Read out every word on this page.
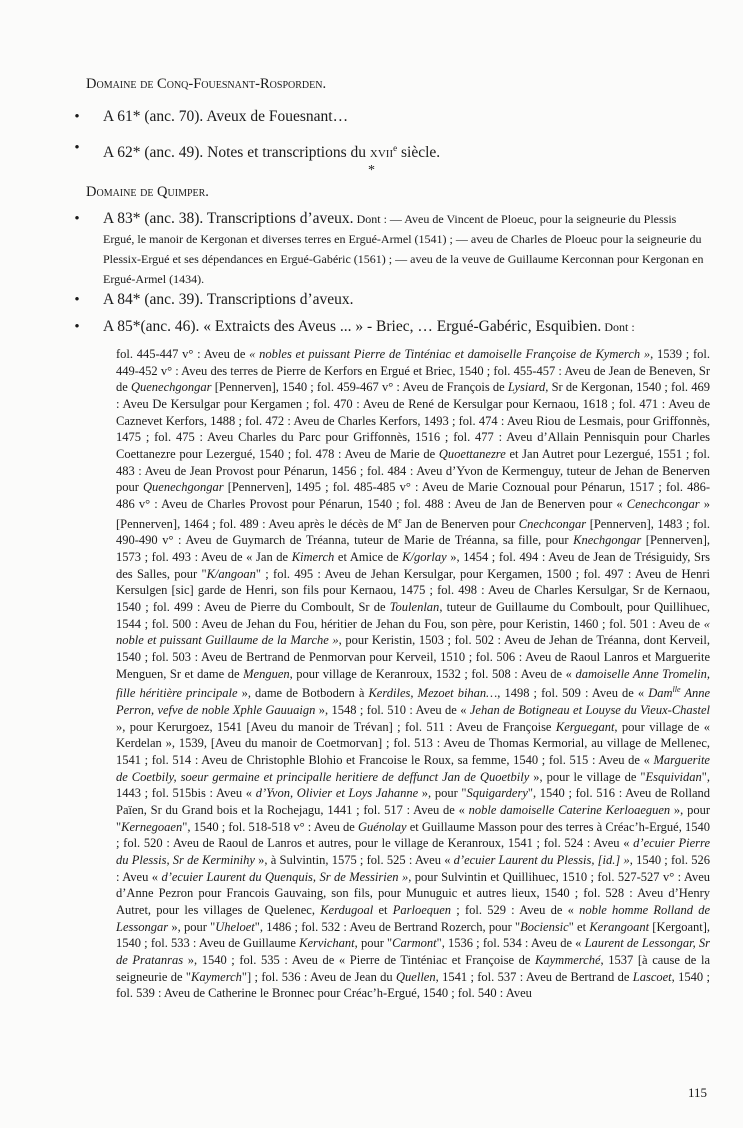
Domaine de Conq-Fouesnant-Rosporden.
• A 61* (anc. 70). Aveux de Fouesnant…
• A 62* (anc. 49). Notes et transcriptions du xvii$^e$ siècle.
*
Domaine de Quimper.
• A 83* (anc. 38). Transcriptions d’aveux. Dont : — Aveu de Vincent de Ploeuc, pour la seigneurie du Plessis Ergué, le manoir de Kergonan et diverses terres en Ergué-Armel (1541) ; — aveu de Charles de Ploeuc pour la seigneurie du Plessix-Ergué et ses dépendances en Ergué-Gabéric (1561) ; — aveu de la veuve de Guillaume Kerconnan pour Kergonan en Ergué-Armel (1434).
• A 84* (anc. 39). Transcriptions d’aveux.
• A 85*(anc. 46). « Extraicts des Aveus ... » - Briec, … Ergué-Gabéric, Esquibien. Dont :
fol. 445-447 v° : Aveu de « nobles et puissant Pierre de Tinténiac et damoiselle Françoise de Kymerch », 1539 ; fol. 449-452 v° : Aveu des terres de Pierre de Kerfors en Ergué et Briec, 1540 ; fol. 455-457 : Aveu de Jean de Beneven, Sr de Quenechgongar [Pennerven], 1540 ; fol. 459-467 v° : Aveu de François de Lysiard, Sr de Kergonan, 1540 ; fol. 469 : Aveu De Kersulgar pour Kergamen ; fol. 470 : Aveu de René de Kersulgar pour Kernaou, 1618 ; fol. 471 : Aveu de Caznevet Kerfors, 1488 ; fol. 472 : Aveu de Charles Kerfors, 1493 ; fol. 474 : Aveu Riou de Lesmais, pour Griffonnès, 1475 ; fol. 475 : Aveu Charles du Parc pour Griffonnès, 1516 ; fol. 477 : Aveu d’Allain Pennisquin pour Charles Coettanezre pour Lezergué, 1540 ; fol. 478 : Aveu de Marie de Quoettanezre et Jan Autret pour Lezergué, 1551 ; fol. 483 : Aveu de Jean Provost pour Pénarun, 1456 ; fol. 484 : Aveu d’Yvon de Kermenguy, tuteur de Jehan de Benerven pour Quenechgongar [Pennerven], 1495 ; fol. 485-485 v° : Aveu de Marie Coznoual pour Pénarun, 1517 ; fol. 486-486 v° : Aveu de Charles Provost pour Pénarun, 1540 ; fol. 488 : Aveu de Jan de Benerven pour « Cenechcongar » [Pennerven], 1464 ; fol. 489 : Aveu après le décès de Me Jan de Benerven pour Cnechcongar [Pennerven], 1483 ; fol. 490-490 v° : Aveu de Guymarch de Tréanna, tuteur de Marie de Tréanna, sa fille, pour Knechgongar [Pennerven], 1573 ; fol. 493 : Aveu de « Jan de Kimerch et Amice de K/gorlay », 1454 ; fol. 494 : Aveu de Jean de Trésiguidy, Srs des Salles, pour "K/angoan" ; fol. 495 : Aveu de Jehan Kersulgar, pour Kergamen, 1500 ; fol. 497 : Aveu de Henri Kersulgen [sic] garde de Henri, son fils pour Kernaou, 1475 ; fol. 498 : Aveu de Charles Kersulgar, Sr de Kernaou, 1540 ; fol. 499 : Aveu de Pierre du Comboult, Sr de Toulenlan, tuteur de Guillaume du Comboult, pour Quillihuec, 1544 ; fol. 500 : Aveu de Jehan du Fou, héritier de Jehan du Fou, son père, pour Keristin, 1460 ; fol. 501 : Aveu de « noble et puissant Guillaume de la Marche », pour Keristin, 1503 ; fol. 502 : Aveu de Jehan de Tréanna, dont Kerveil, 1540 ; fol. 503 : Aveu de Bertrand de Penmorvan pour Kerveil, 1510 ; fol. 506 : Aveu de Raoul Lanros et Marguerite Menguen, Sr et dame de Menguen, pour village de Keranroux, 1532 ; fol. 508 : Aveu de « damoiselle Anne Tromelin, fille héritière principale », dame de Botbodern à Kerdiles, Mezoet bihan…, 1498 ; fol. 509 : Aveu de « Dam$^{lle}$ Anne Perron, vefve de noble Xphle Gauuaign », 1548 ; fol. 510 : Aveu de « Jehan de Botigneau et Louyse du Vieux-Chastel », pour Kerurgoez, 1541 [Aveu du manoir de Trévan] ; fol. 511 : Aveu de Françoise Kerguegant, pour village de « Kerdelan », 1539, [Aveu du manoir de Coetmorvan] ; fol. 513 : Aveu de Thomas Kermorial, au village de Mellenec, 1541 ; fol. 514 : Aveu de Christophle Blohio et Francoise le Roux, sa femme, 1540 ; fol. 515 : Aveu de « Marguerite de Coetbily, soeur germaine et principalle heritiere de deffunct Jan de Quoetbily », pour le village de "Esquividan", 1443 ; fol. 515bis : Aveu « d’Yvon, Olivier et Loys Jahanne », pour "Squigardery", 1540 ; fol. 516 : Aveu de Rolland Païen, Sr du Grand bois et la Rochejagu, 1441 ; fol. 517 : Aveu de « noble damoiselle Caterine Kerloaeguen », pour "Kernegoaen", 1540 ; fol. 518-518 v° : Aveu de Guénolay et Guillaume Masson pour des terres à Créac’h-Ergué, 1540 ; fol. 520 : Aveu de Raoul de Lanros et autres, pour le village de Keranroux, 1541 ; fol. 524 : Aveu « d’ecuier Pierre du Plessis, Sr de Kerminihy », à Sulvintin, 1575 ; fol. 525 : Aveu « d’ecuier Laurent du Plessis, [id.] », 1540 ; fol. 526 : Aveu « d’ecuier Laurent du Quenquis, Sr de Messirien », pour Sulvintin et Quillihuec, 1510 ; fol. 527-527 v° : Aveu d’Anne Pezron pour Francois Gauvaing, son fils, pour Munuguic et autres lieux, 1540 ; fol. 528 : Aveu d’Henry Autret, pour les villages de Quelenec, Kerdugoal et Parloequen ; fol. 529 : Aveu de « noble homme Rolland de Lessongar », pour "Uheloet", 1486 ; fol. 532 : Aveu de Bertrand Rozerch, pour "Bociensic" et Kerangoant [Kergoant], 1540 ; fol. 533 : Aveu de Guillaume Kervichant, pour "Carmont", 1536 ; fol. 534 : Aveu de « Laurent de Lessongar, Sr de Pratanras », 1540 ; fol. 535 : Aveu de « Pierre de Tinténiac et Françoise de Kaymmerché, 1537 [à cause de la seigneurie de "Kaymerch"] ; fol. 536 : Aveu de Jean du Quellen, 1541 ; fol. 537 : Aveu de Bertrand de Lascoet, 1540 ; fol. 539 : Aveu de Catherine le Bronnec pour Créac’h-Ergué, 1540 ; fol. 540 : Aveu
115
